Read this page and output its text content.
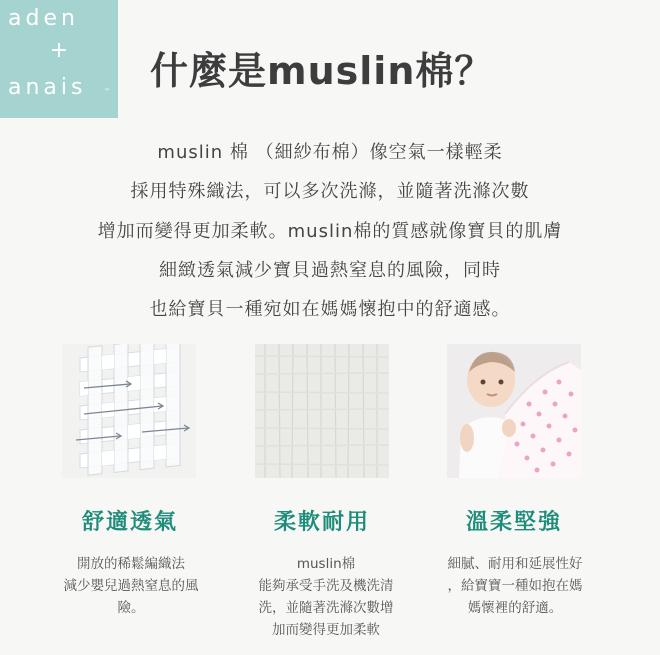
aden
+
anais	™ 什麼是muslin棉？
muslin 棉 （細紗布棉）像空氣一樣輕柔
採用特殊織法，可以多次洗滌，並隨著洗滌次數
增加而變得更加柔軟。muslin棉的質感就像寶貝的肌膚
細緻透氣減少寶貝過熱窒息的風險，同時
也給寶貝一種宛如在媽媽懷抱中的舒適感。
舒適透氣	柔軟耐用	溫柔堅強
開放的稀鬆編織法
減少嬰兒過熱窒息的風
險。
muslin棉
能夠承受手洗及機洗清
洗，並隨著洗滌次數增
加而變得更加柔軟
細膩、耐用和延展性好
，給寶寶一種如抱在媽
媽懷裡的舒適。
